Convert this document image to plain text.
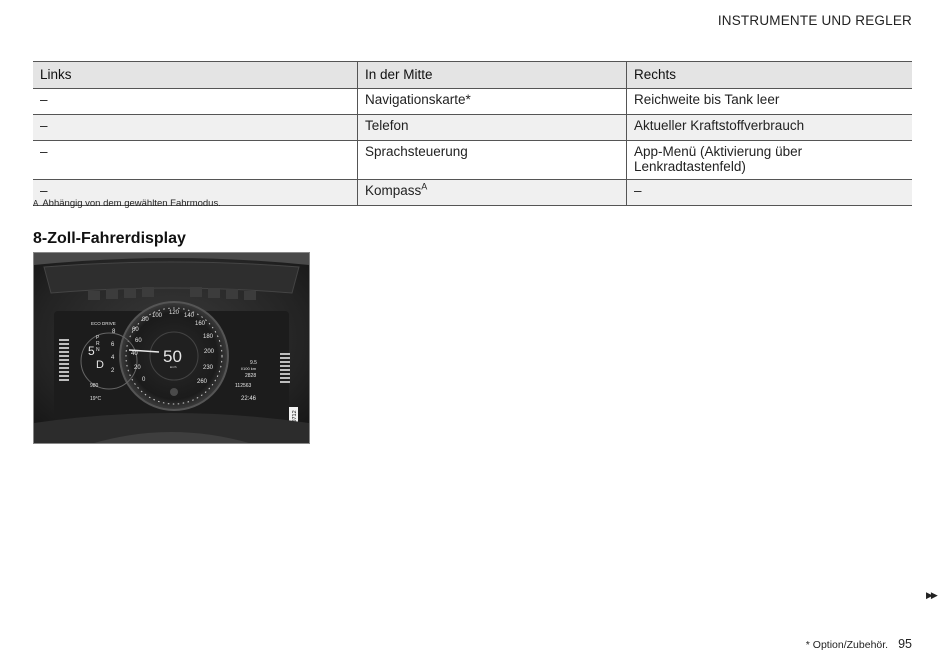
INSTRUMENTE UND REGLER
Links	In der Mitte	Rechts
–	Navigationskarte*	Reichweite bis Tank leer
–	Telefon	Aktueller Kraftstoffverbrauch
–	Sprachsteuerung	App-Menü (Aktivierung über Lenkradtastenfeld)
–	Kompass$^A$	–
A Abhängig von dem gewählten Fahrmodus.
8-Zoll-Fahrerdisplay
60
80
100 120 140
160
180
200
230
260
60
40
20
0
8
6
4
2
ECO DRIVE
P
R
N
5
D
980
19°C
50
km/h
9.5
l/100 km
2828
112563
22:46
▶▶
* Option/Zubehör. 95
